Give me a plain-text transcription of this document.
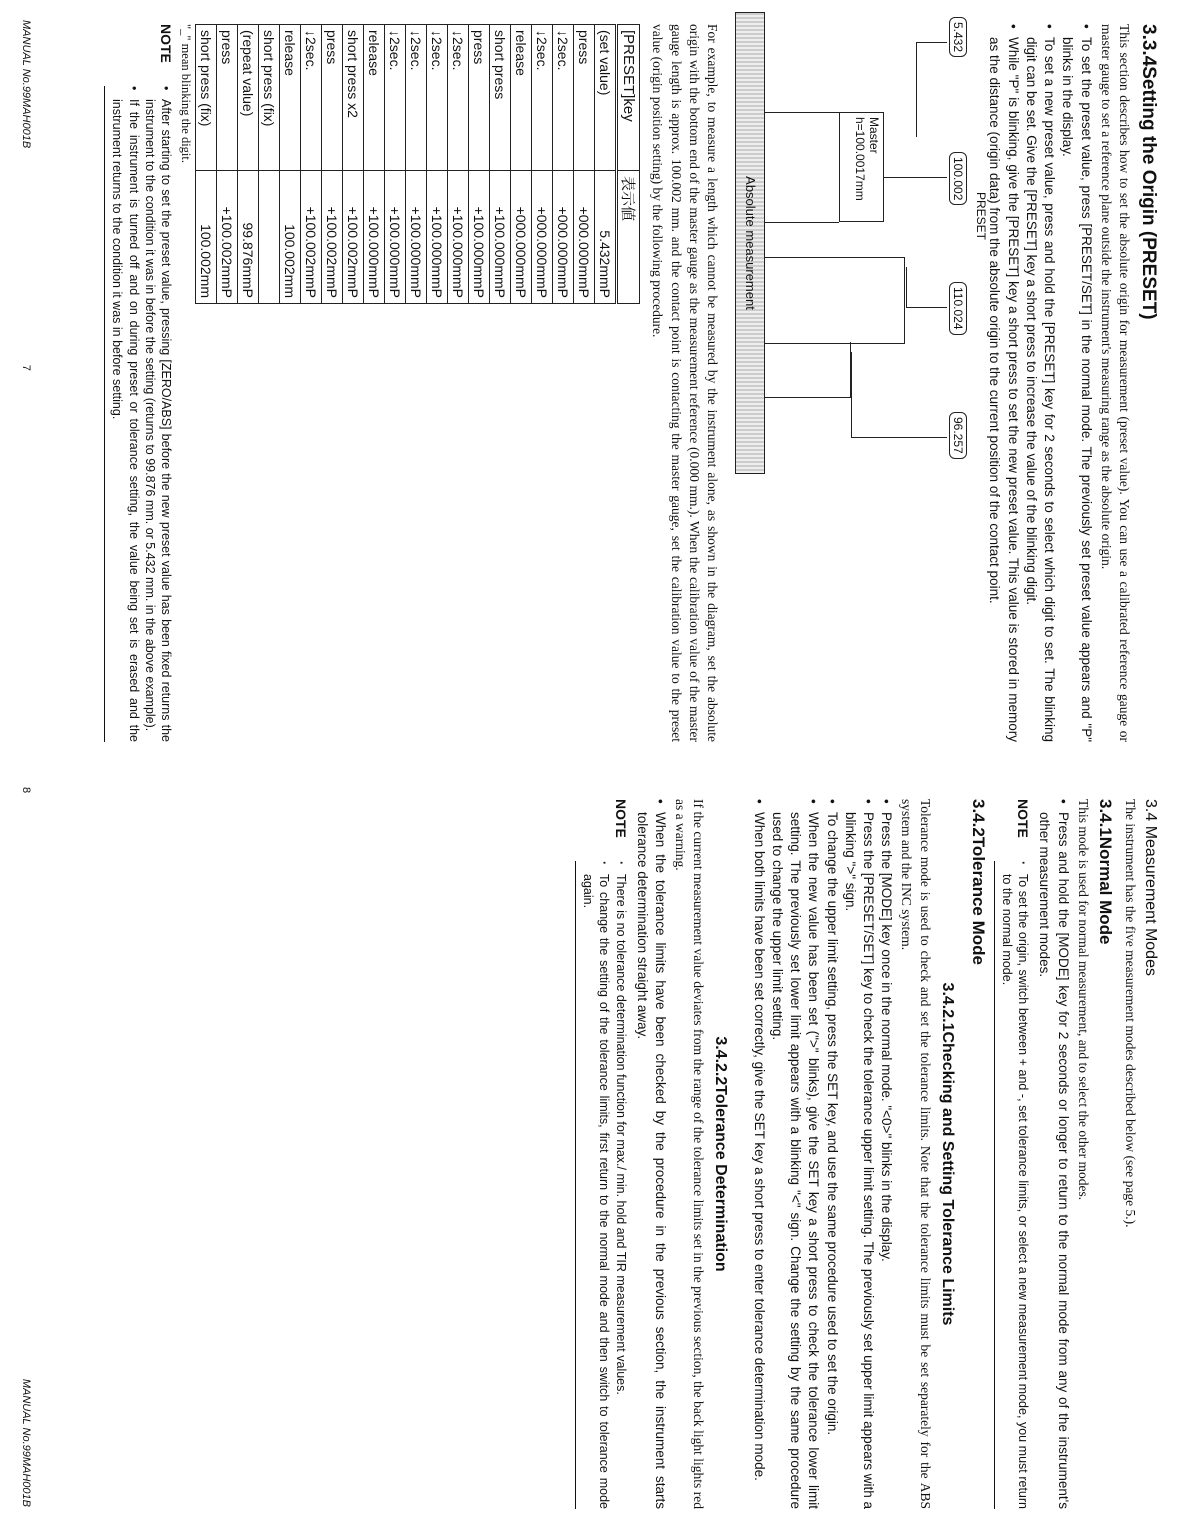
3.3.4Setting the Origin (PRESET)

This section describes how to set the absolute origin for measurement (preset value). You can use a calibrated reference gauge or master gauge to set a reference plane outside the instrument's measuring range as the absolute origin.

• To set the preset value, press [PRESET/SET] in the normal mode. The previously set preset value appears and "P" blinks in the display.
• To set a new preset value, press and hold the [PRESET] key for 2 seconds to select which digit to set. The blinking digit can be set. Give the [PRESET] key a short press to increase the value of the blinking digit.
• While "P" is blinking, give the [PRESET] key a short press to set the new preset value. This value is stored in memory as the distance (origin data) from the absolute origin to the current position of the contact point.
PRESET
5.432
100.002
110.024
96.257
Master
h=100.0017mm
Absolute measurement

For example, to measure a length which cannot be measured by the instrument alone, as shown in the diagram, set the absolute origin with the bottom end of the master gauge as the measurement reference (0.000 mm.). When the calibration value of the master gauge length is approx. 100.002 mm. and the contact point is contacting the master gauge, set the calibration value to the preset value (origin position setting) by the following procedure.

[PRESET]key	表示値
(set value)	5.432mmP
press	+000.000mmP
↓2sec.	+000.000mmP
↓2sec.	+000.000mmP
release	+000.000mmP
short press	+100.000mmP
press	+100.000mmP
↓2sec.	+100.000mmP
↓2sec.	+100.000mmP
↓2sec.	+100.000mmP
↓2sec.	+100.000mmP
release	+100.000mmP
short press x2	+100.002mmP
press	+100.002mmP
↓2sec.	+100.002mmP
release	100.002mm
short press (fix)	
(repeat value)	99.876mmP
press	+100.002mmP
short press (fix)	100.002mm
"_" mean blinking the digit.
NOTE
• After starting to set the preset value, pressing [ZERO/ABS] before the new preset value has been fixed returns the instrument to the condition it was in before the setting (returns to 99.876 mm. or 5.432 mm. in the above example).
• If the instrument is turned off and on during preset or tolerance setting, the value being set is erased and the instrument returns to the condition it was in before setting.
MANUAL No.99MAH001B
7
3.4 Measurement Modes

The instrument has the five measurement modes described below (see page 5.).

3.4.1Normal Mode

This mode is used for normal measurement, and to select the other modes.

• Press and hold the [MODE] key for 2 seconds or longer to return to the normal mode from any of the instrument's other measurement modes.
NOTE
· To set the origin, switch between + and -, set tolerance limits, or select a new measurement mode, you must return to the normal mode.
3.4.2Tolerance Mode
3.4.2.1Checking and Setting Tolerance Limits

Tolerance mode is used to check and set the tolerance limits. Note that the tolerance limits must be set separately for the ABS system and the INC system.

• Press the [MODE] key once in the normal mode. "<0>" blinks in the display.
• Press the [PRESET/SET] key to check the tolerance upper limit setting. The previously set upper limit appears with a blinking ">" sign.
• To change the upper limit setting, press the SET key, and use the same procedure used to set the origin.
• When the new value has been set (">" blinks), give the SET key a short press to check the tolerance lower limit setting. The previously set lower limit appears with a blinking "<" sign. Change the setting by the same procedure used to change the upper limit setting.
• When both limits have been set correctly, give the SET key a short press to enter tolerance determination mode.
3.4.2.2Tolerance Determination

If the current measurement value deviates from the range of the tolerance limits set in the previous section, the back light lights red as a warning.

• When the tolerance limits have been checked by the procedure in the previous section, the instrument starts tolerance determination straight away.
NOTE
· There is no tolerance determination function for max./ min. hold and TIR measurement values.
· To change the setting of the tolerance limits, first return to the normal mode and then switch to tolerance mode again.
MANUAL No.99MAH001B
8
